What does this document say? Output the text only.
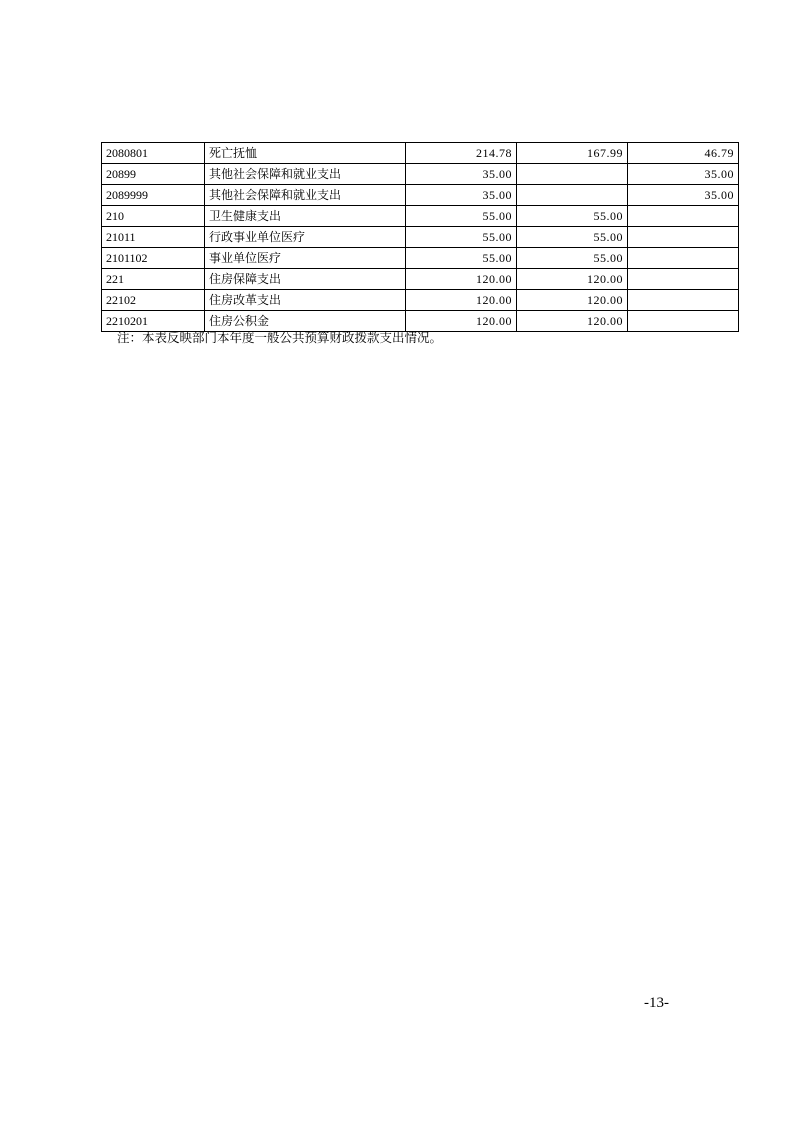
2080801	死亡抚恤	214.78	167.99	46.79
20899	其他社会保障和就业支出	35.00		35.00
2089999	其他社会保障和就业支出	35.00		35.00
210	卫生健康支出	55.00	55.00	
21011	行政事业单位医疗	55.00	55.00	
2101102	事业单位医疗	55.00	55.00	
221	住房保障支出	120.00	120.00	
22102	住房改革支出	120.00	120.00	
2210201	住房公积金	120.00	120.00	
注：本表反映部门本年度一般公共预算财政拨款支出情况。
-13-
